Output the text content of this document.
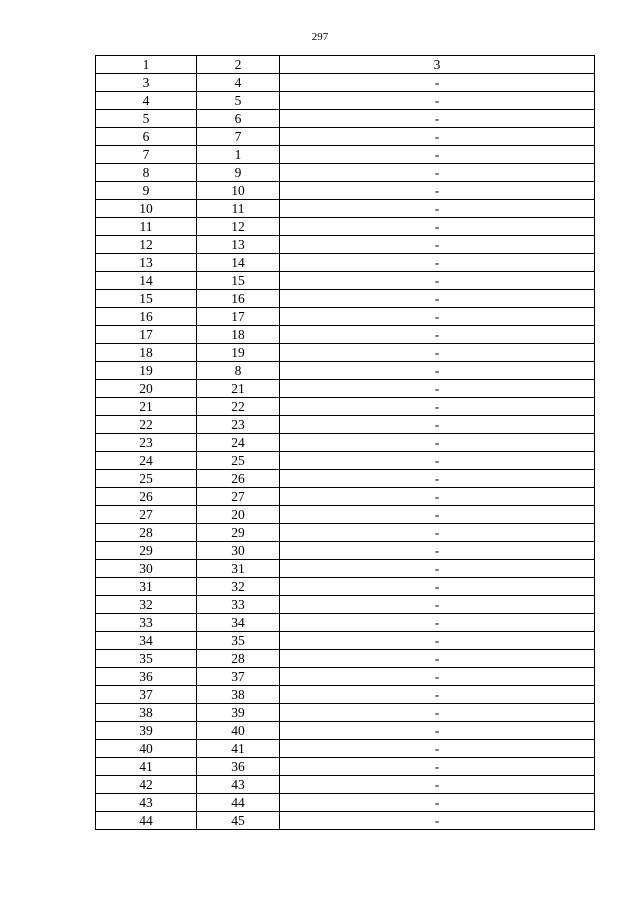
297
1	2	3
3	4	-
4	5	-
5	6	-
6	7	-
7	1	-
8	9	-
9	10	-
10	11	-
11	12	-
12	13	-
13	14	-
14	15	-
15	16	-
16	17	-
17	18	-
18	19	-
19	8	-
20	21	-
21	22	-
22	23	-
23	24	-
24	25	-
25	26	-
26	27	-
27	20	-
28	29	-
29	30	-
30	31	-
31	32	-
32	33	-
33	34	-
34	35	-
35	28	-
36	37	-
37	38	-
38	39	-
39	40	-
40	41	-
41	36	-
42	43	-
43	44	-
44	45	-
